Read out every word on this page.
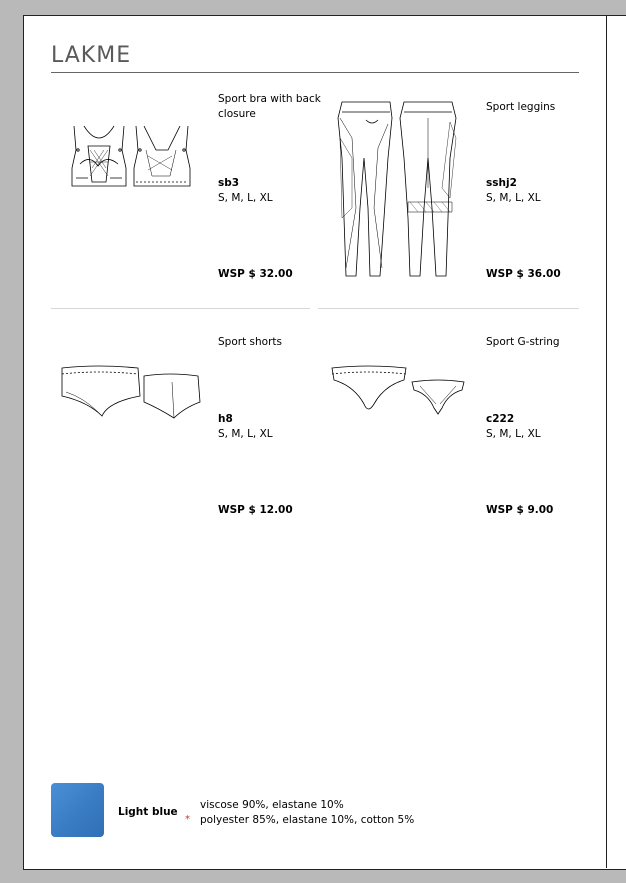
LAKME
Sport bra with back closure
sb3
S, M, L, XL
WSP $ 32.00
Sport leggins
sshj2
S, M, L, XL
WSP $ 36.00
Sport shorts
h8
S, M, L, XL
WSP $ 12.00
Sport G-string
c222
S, M, L, XL
WSP $ 9.00
Light blue
*
viscose 90%, elastane 10%
polyester 85%, elastane 10%, cotton 5%
